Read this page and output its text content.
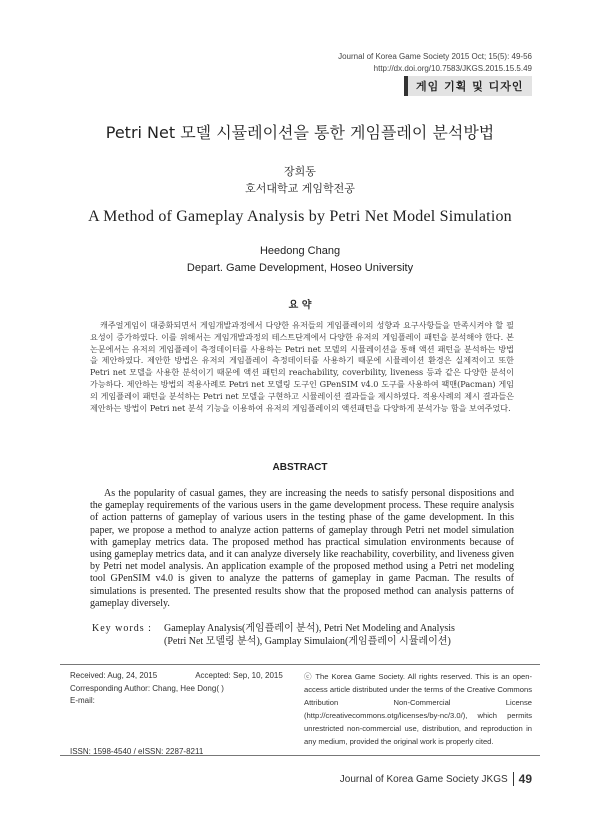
Journal of Korea Game Society 2015 Oct; 15(5): 49-56
http://dx.doi.org/10.7583/JKGS.2015.15.5.49
게임 기획 및 디자인
Petri Net 모델 시뮬레이션을 통한 게임플레이 분석방법
장희동
호서대학교 게임학전공
A Method of Gameplay Analysis by Petri Net Model Simulation
Heedong Chang
Depart. Game Development, Hoseo University
요 약
캐주얼게임이 대중화되면서 게임개발과정에서 다양한 유저들의 게임플레이의 성향과 요구사항들을 만족시켜야 할 필요성이 증가하였다. 이를 위해서는 게임개발과정의 테스트단계에서 다양한 유저의 게임플레이 패턴을 분석해야 한다. 본 논문에서는 유저의 게임플레이 측정데이터를 사용하는 Petri net 모델의 시뮬레이션을 통해 액션 패턴을 분석하는 방법을 제안하였다. 제안한 방법은 유저의 게임플레이 측정데이터를 사용하기 때문에 시뮬레이션 환경은 실제적이고 또한 Petri net 모델을 사용한 분석이기 때문에 액션 패턴의 reachability, coverbility, liveness 등과 같은 다양한 분석이 가능하다. 제안하는 방법의 적용사례로 Petri net 모델링 도구인 GPenSIM v4.0 도구를 사용하여 팩맨(Pacman) 게임의 게임플레이 패턴을 분석하는 Petri net 모델을 구현하고 시뮬레이션 결과들을 제시하였다. 적용사례의 제시 결과들은 제안하는 방법이 Petri net 분석 기능을 이용하여 유저의 게임플레이의 액션패턴을 다양하게 분석가능 함을 보여주었다.
ABSTRACT
As the popularity of casual games, they are increasing the needs to satisfy personal dispositions and the gameplay requirements of the various users in the game development process. These require analysis of action patterns of gameplay of various users in the testing phase of the game development. In this paper, we propose a method to analyze action patterns of gameplay through Petri net model simulation with gameplay metrics data. The proposed method has practical simulation environments because of using gameplay metrics data, and it can analyze diversely like reachability, coverbility, and liveness given by Petri net model analysis. An application example of the proposed method using a Petri net modeling tool GPenSIM v4.0 is given to analyze the patterns of gameplay in game Pacman. The results of simulations is presented. The presented results show that the proposed method can analysis patterns of gameplay diversely.
Key words : Gameplay Analysis(게임플레이 분석), Petri Net Modeling and Analysis
(Petri Net 모델링 분석), Gamplay Simulaion(게임플레이 시뮬레이션)
Received: Aug, 24, 2015	Accepted: Sep, 10, 2015
Corresponding Author: Chang, Hee Dong( )
E-mail:
ISSN: 1598-4540 / eISSN: 2287-8211
ⓒ The Korea Game Society. All rights reserved. This is an open-access article distributed under the terms of the Creative Commons Attribution Non-Commercial License (http://creativecommons.otg/licenses/by-nc/3.0/), which permits unrestricted non-commercial use, distribution, and reproduction in any medium, provided the original work is properly cited.
Journal of Korea Game Society JKGS 49
